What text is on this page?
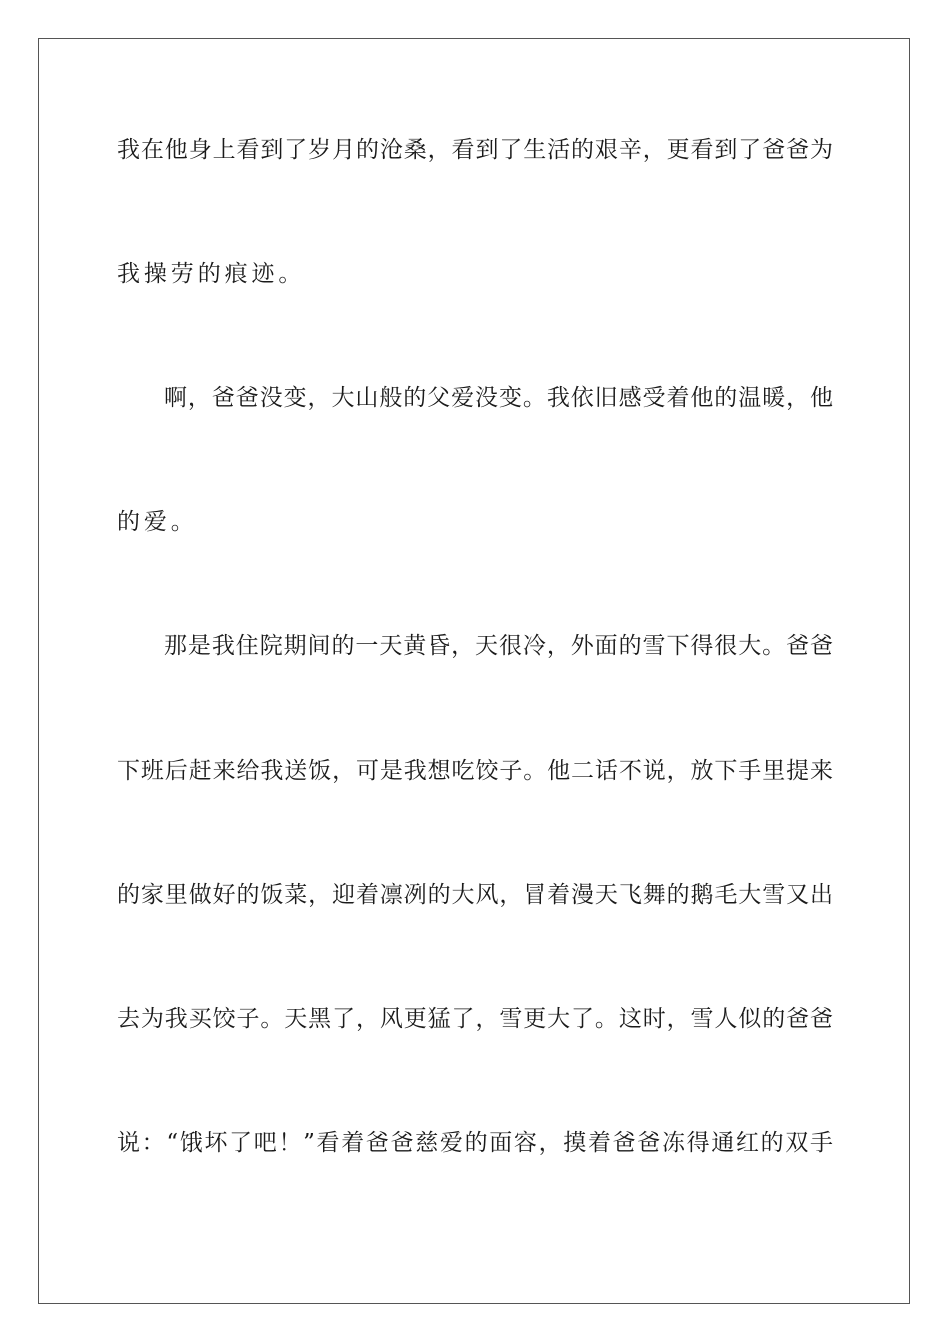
我在他身上看到了岁月的沧桑，看到了生活的艰辛，更看到了爸爸为

我操劳的痕迹。

啊，爸爸没变，大山般的父爱没变。我依旧感受着他的温暖，他

的爱。

那是我住院期间的一天黄昏，天很冷，外面的雪下得很大。爸爸

下班后赶来给我送饭，可是我想吃饺子。他二话不说，放下手里提来

的家里做好的饭菜，迎着凛冽的大风，冒着漫天飞舞的鹅毛大雪又出

去为我买饺子。天黑了，风更猛了，雪更大了。这时，雪人似的爸爸

说：“饿坏了吧！”看着爸爸慈爱的面容，摸着爸爸冻得通红的双手
